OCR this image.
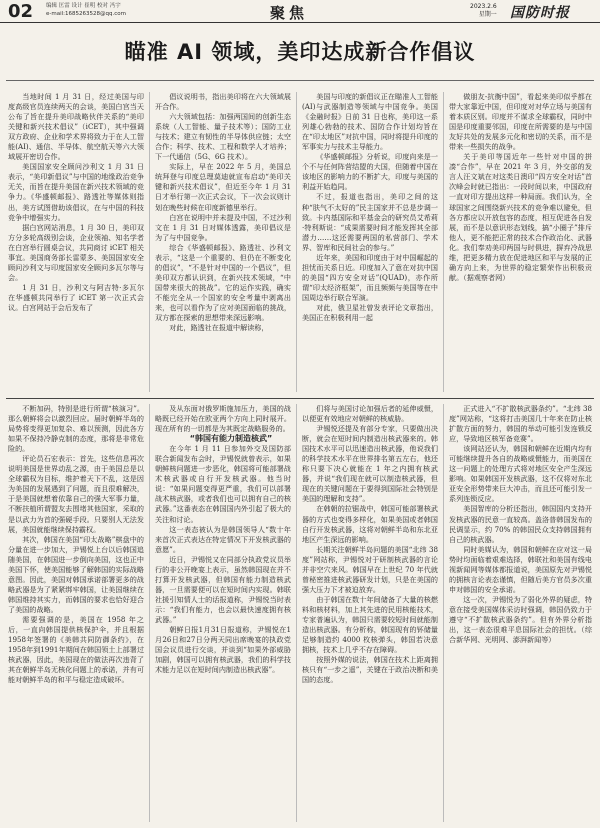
02 编辑 匡雷 设计 崔明 校对 冯宇
e-mail:1685263528@qq.com	聚焦	2023.2.6
星期一 国防时报
瞄准 AI 领域，美印达成新合作倡议

当地时间 1 月 31 日，经过美国与印度高级官员连续两天的会谈，美国白宫当天公布了旨在提升美印战略伙伴关系的“美印关键和新兴技术倡议”（iCET），其中强调双方政府、企业和学术界将致力于在人工智能(AI)、通信、半导体、航空航天等六大领域展开密切合作。

美国国家安全顾问沙利文 1 月 31 日表示，“美印新倡议”与中国的地缘政治竞争无关，而旨在提升美国在新兴技术领域的竞争力。《华盛顿邮报》、路透社等媒体则指出，美方试图借助该倡议，在与中国的科技竞争中增强实力。

据白宫网站消息，1 月 30 日，美印双方分多轮高级别会谈，企业领袖、知名学者在白宫举行圆桌会议，共同商讨 iCET 相关事宜。美国商务部长雷蒙多、美国国家安全顾问沙利文与印度国家安全顾问多瓦尔等与会。

1 月 31 日，沙利文与阿吉特·多瓦尔在华盛顿共同举行了 iCET 第一次正式会议。白宫网站于会后发布了

倡议说明书，指出美印将在六大领域展开合作。

六大领域包括：加强两国间的创新生态系统（人工智能、量子技术等）；国防工业与技术；建立有韧性的半导体供应链；太空合作；科学、技术、工程和数学人才培养；下一代通信（5G、6G 技术）。

实际上，早在 2022 年 5 月，美国总统拜登与印度总理莫迪就宣布启动“美印关键和新兴技术倡议”，但近至今年 1 月 31 日才举行第一次正式会议，下一次会议则计划在晚些时候在印度新德里举行。

白宫在说明中并未提及中国，不过沙利文在 1 月 31 日对媒体透露，美印倡议是为了与中国竞争。

综合《华盛顿邮报》、路透社、沙利文表示，“这是一个重要的、但仍在不断变化的倡议”，“不是针对中国的一个倡议”，但美印双方都认识到，在新兴技术领域，“中国带来很大的挑战”。它的运作实践，确实不能完全从一个国家的安全考量中剥离出来，也可以看作为了应对美国面临的挑战，双方都在探索的思想带来深远影响。

对此，路透社在报道中解读称，

美国与印度的新倡议正在瞄准人工智能(AI)与武器制造等领域与中国竞争。美国《金融时报》日前 31 日也称，美印这一系列雄心勃勃的技术、国防合作计划均旨在在“印太地区”对抗中国，同时将提升印度的军事实力与技术主导能力。

《华盛顿邮报》分析说，印度向来是一个不与任何阵营结盟的大国，但随着中国在该地区的影响力的不断扩大，印度与美国的利益开始趋同。

不过，报道也指出，美印之间的这种“肤气不太好的”民主国家并不总是步调一致。卡内基国际和平基金会的研究员艾希莉·特利斯说：“成果需要时间才能发挥其全部潜力……这还需要两国的私营部门、学术界、智库和民间社会的参与。”

近年来，美国和印度由于对中国崛起的担忧而关系日近。印度加入了意在对抗中国的美国“四方安全对话”(QUAD)，亦作所谓“印太经济框架”，而且频频与美国等在中国周边举行联合军演。

对此，俄卫星社曾发表评论文章指出，美国正在积极利用一起

做朋友-抗衡中国”，看起来美印似乎都在带大家靠近中国，但印度对对华立场与美国有着本质区别。印度并不谋求全球霸权，同时中国是印度重要邻国，印度在所需要的是与中国友好共处的发展多元化和密切的关系，而不是带来一些损失的战争。

关于美印等国近年一些针对中国的拼凑“合作”，早在 2021 年 3 月，外交部的发言人汪文斌在对这类日澳印“四方安全对话”首次峰会时就已指出：一段时间以来，中国政府一直对印方提出这样一种局面。我们认为，全球国家之间围绕新兴技术的竞争难以避免，但各方都应以开放包容的态度，相互促进各自发展，而不是以意识形态划线，搞“小圈子”排斥他人，更不能把正常的技术合作政治化、武器化。我们奉劝美印两国与时俱进，摒弃冷战思维，把更多精力放在促进地区和平与发展的正确方向上来，为世界的稳定繁荣作出积极贡献。（据观察者网）

不断加码，特别是进行所谓“核演习”。那么朝鲜将会以激烈回应。届时朝鲜半岛的局势将变得更加复杂、难以预测，因此各方如果不保持冷静克制的态度，那将是非常危险的。

评论员石宏表示：首先，这些信息再次说明美国是世界动乱之源，由于美国总是以全球霸权为目标，维护着天下不乱，这是因为美国的发展遇到了问题，而且很难解决，于是美国就想着依靠自己的强大军事力量，不断扶植所谓盟友去围堵其他国家，采取的是以武力为首的强硬手段。只要别人无法发展，美国就能继续保持霸权。

其次，韩国在美国“印太战略”棋盘中的分量在进一步加大，尹锡悦上台以后韩国追随美国，在韩国进一步倒向美国，这也正中美国下怀，使美国能够了解韩国的实际战略意图。因此，美国对韩国承诺部署更多的战略武器是为了紧紧绑牢韩国，让美国继续在韩国维持其实力，而韩国的要求也恰好迎合了美国的战略。

需要强调的是，美国在 1958 年之后，一直向韩国提供核保护伞，并且根据1958年签署的《美韩共同防御条约》，在1958年到1991年期间在韩国领土上部署过核武器，因此，美国现在的做法再次违背了其在朝鲜半岛无核化问题上的承诺，并有可能对朝鲜半岛的和平与稳定造成破坏。

及从东面对俄罗斯施加压力，美国的战略既已经开始在欧亚两个方向上同时展开。现在所有的一切都是为其既定战略服务的。

“韩国有能力制造核武”

在今年 1 月 11 日参加外交及国防部联合新闻发布会时，尹锡悦就曾表示，如果朝鲜核问题进一步恶化，韩国将可能部署战术核武器或自行开发核武器。他当时说：“如果问题变得更严重，我们可以部署战术核武器，或者我们也可以拥有自己的核武器。”这番表态在韩国国内外引起了极大的关注和讨论。

这一表态被认为是韩国领导人“数十年来首次正式表达在特定情况下开发核武器的意愿”。

近日，尹锡悦又在同部分执政党议员举行的非公开晚宴上表示，虽然韩国现在并不打算开发核武器，但韩国有能力制造核武器，一旦需要便可以在短时间内实现。韩联社援引知情人士的话报道称，尹锡悦当时表示：“我们有能力，也会以最快速度拥有核武器。”

朝鲜日报1月31日报道称，尹锡悦在1月26日和27日分两天同出席晚宴的执政党国会议员进行交谈，并谈到“如果外部威胁加剧，韩国可以拥有核武器，我们的科学技术能力足以在短时间内制造出核武器”。

们将与美国讨论加强后者的延伸威慑，以便更有效地应对朝鲜的核威胁。

尹锡悦还提及有部分专家，只要做出决断，就会在短时间内制造出核武器来的。韩国技术水平可以迅速造出核武器，他说我们的科学技术水平在世界排名第五左右，他还称只要下决心就能在 1 年之内拥有核武器，并说“我们现在就可以制造核武器，但现在的关键问题在于要得到国际社会特别是美国的理解和支持”。

在韩朝的拉锯战中，韩国可能部署核武器的方式也变得多样化，如果美国或者韩国自行开发核武器，这将对朝鲜半岛和东北亚地区产生深远的影响。

长期关注朝鲜半岛问题的美国“北纬 38 度”网站称，尹锡悦对于研制核武器的言论并非空穴来风。韩国早在上世纪 70 年代就曾秘密推进核武器研发计划，只是在美国的强大压力下才被迫放弃。

由于韩国在数十年间储备了大量的核燃料和核材料，加上其先进的民用核能技术，专家普遍认为，韩国只需要较短时间就能制造出核武器。有分析称，韩国现有的钚储量足够制造约 4000 枚核弹头，韩国若决意拥核，技术上几乎不存在障碍。

按照外媒的说法，韩国在技术上距离拥核只有“一步之遥”，关键在于政治决断和美国的态度。

正式进入“不扩散核武器条约”。“北纬 38 度”网站称，“这将打击美国几十年来在防止核扩散方面的努力，韩国的举动可能引发连锁反应，导致地区核军备竞赛”。

该网站还认为，韩国和朝鲜在近期内均有可能继续提升各自的战略威慑能力，而美国在这一问题上的处理方式将对地区安全产生深远影响。如果韩国开发核武器，这不仅将对东北亚安全形势带来巨大冲击，而且还可能引发一系列连锁反应。

美国智库的分析还指出，韩国国内支持开发核武器的民意一直较高。盖洛普韩国发布的民调显示，约 70% 的韩国民众支持韩国拥有自己的核武器。

同时美媒认为，韩国和朝鲜在应对这一局势时均面临着艰难选择，韩联社和美国有线电视新闻网等媒体都报道说，美国原先对尹锡悦的拥核言论表态谨慎，但随后美方官员多次重申对韩国的安全承诺。

这一次，尹锡悦为了弱化外界的疑虑，特意在接受美国媒体采访时强调，韩国仍致力于遵守“不扩散核武器条约”。但有外界分析指出，这一表态很难平息国际社会的担忧。（综合新华网、光明网、澎湃新闻等）
